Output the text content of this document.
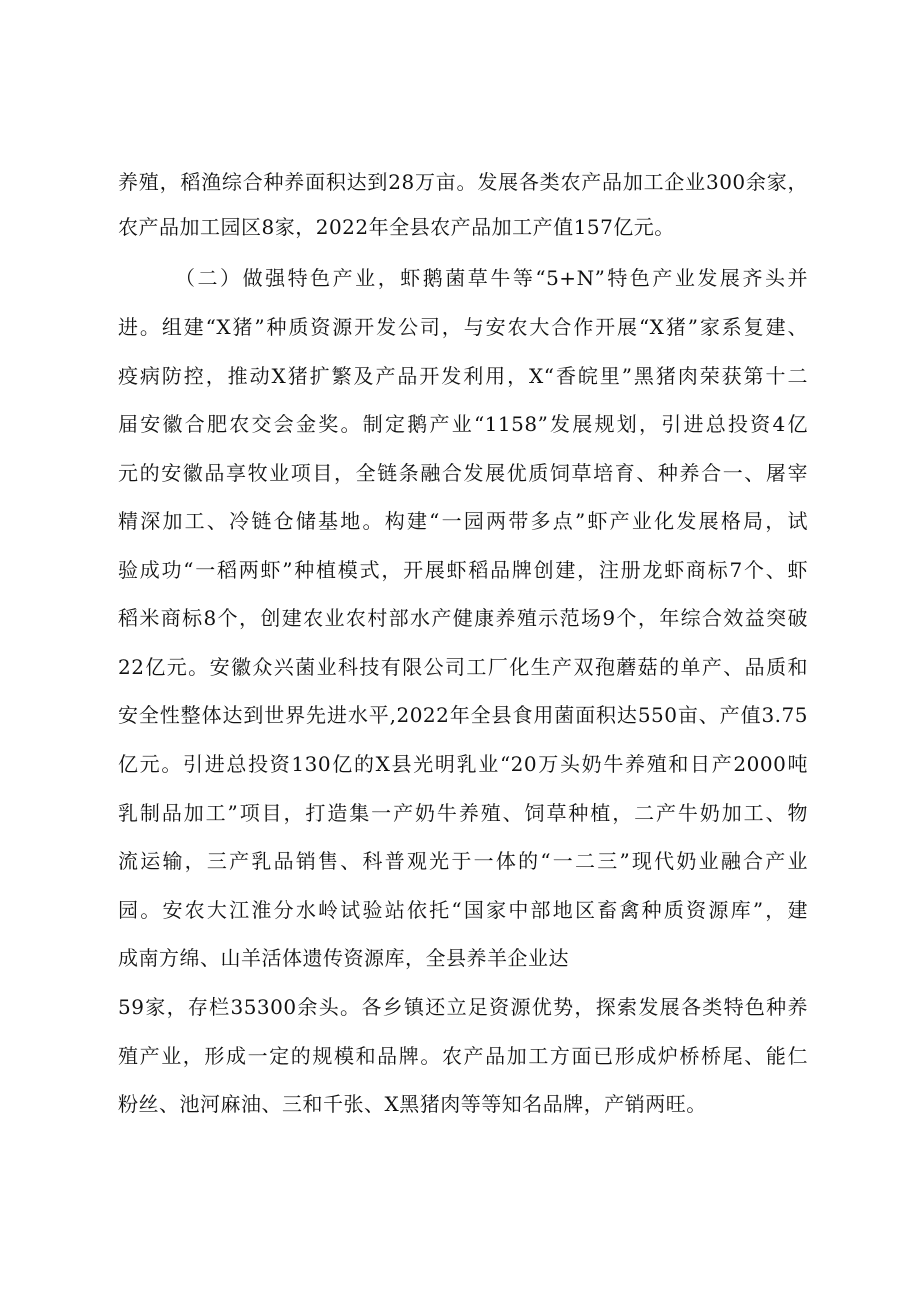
养殖，稻渔综合种养面积达到28万亩。发展各类农产品加工企业300余家，
农产品加工园区8家，2022年全县农产品加工产值157亿元。
（二）做强特色产业，虾鹅菌草牛等“5+N”特色产业发展齐头并
进。组建“X猪”种质资源开发公司，与安农大合作开展“X猪”家系复建、
疫病防控，推动X猪扩繁及产品开发利用，X“香皖里”黑猪肉荣获第十二
届安徽合肥农交会金奖。制定鹅产业“1158”发展规划，引进总投资4亿
元的安徽品享牧业项目，全链条融合发展优质饲草培育、种养合一、屠宰
精深加工、冷链仓储基地。构建“一园两带多点”虾产业化发展格局，试
验成功“一稻两虾”种植模式，开展虾稻品牌创建，注册龙虾商标7个、虾
稻米商标8个，创建农业农村部水产健康养殖示范场9个，年综合效益突破
22亿元。安徽众兴菌业科技有限公司工厂化生产双孢蘑菇的单产、品质和
安全性整体达到世界先进水平,2022年全县食用菌面积达550亩、产值3.75
亿元。引进总投资130亿的X县光明乳业“20万头奶牛养殖和日产2000吨
乳制品加工”项目，打造集一产奶牛养殖、饲草种植，二产牛奶加工、物
流运输，三产乳品销售、科普观光于一体的“一二三”现代奶业融合产业
园。安农大江淮分水岭试验站依托“国家中部地区畜禽种质资源库”，建
成南方绵、山羊活体遗传资源库，全县养羊企业达
59家，存栏35300余头。各乡镇还立足资源优势，探索发展各类特色种养
殖产业，形成一定的规模和品牌。农产品加工方面已形成炉桥桥尾、能仁
粉丝、池河麻油、三和千张、X黑猪肉等等知名品牌，产销两旺。
